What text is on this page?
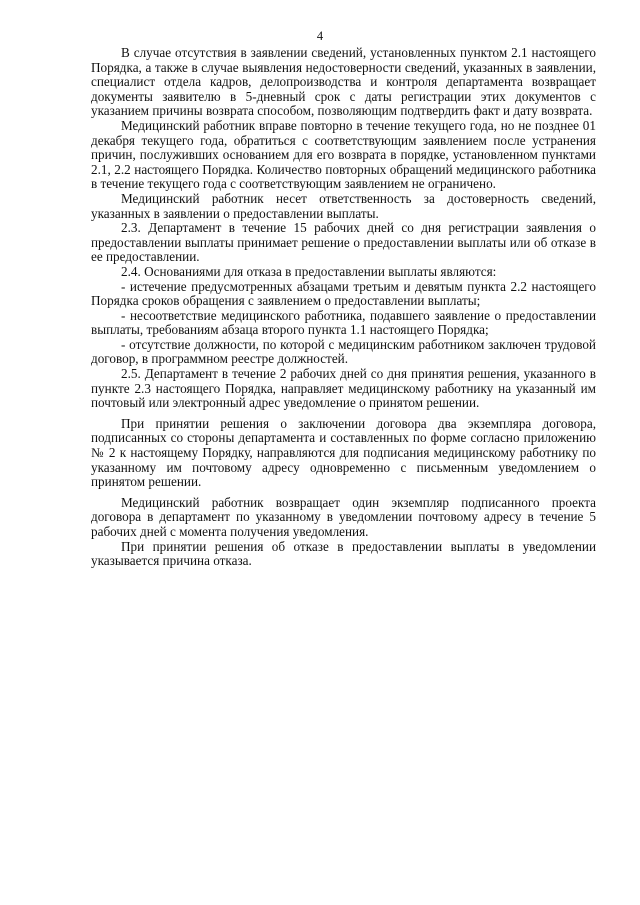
4

В случае отсутствия в заявлении сведений, установленных пунктом 2.1 настоящего Порядка, а также в случае выявления недостоверности сведений, указанных в заявлении, специалист отдела кадров, делопроизводства и контроля департамента возвращает документы заявителю в 5-дневный срок с даты регистрации этих документов с указанием причины возврата способом, позволяющим подтвердить факт и дату возврата.

Медицинский работник вправе повторно в течение текущего года, но не позднее 01 декабря текущего года, обратиться с соответствующим заявлением после устранения причин, послуживших основанием для его возврата в порядке, установленном пунктами 2.1, 2.2 настоящего Порядка. Количество повторных обращений медицинского работника в течение текущего года с соответствующим заявлением не ограничено.

Медицинский работник несет ответственность за достоверность сведений, указанных в заявлении о предоставлении выплаты.

2.3. Департамент в течение 15 рабочих дней со дня регистрации заявления о предоставлении выплаты принимает решение о предоставлении выплаты или об отказе в ее предоставлении.

2.4. Основаниями для отказа в предоставлении выплаты являются:

- истечение предусмотренных абзацами третьим и девятым пункта 2.2 настоящего Порядка сроков обращения с заявлением о предоставлении выплаты;

- несоответствие медицинского работника, подавшего заявление о предоставлении выплаты, требованиям абзаца второго пункта 1.1 настоящего Порядка;

- отсутствие должности, по которой с медицинским работником заключен трудовой договор, в программном реестре должностей.

2.5. Департамент в течение 2 рабочих дней со дня принятия решения, указанного в пункте 2.3 настоящего Порядка, направляет медицинскому работнику на указанный им почтовый или электронный адрес уведомление о принятом решении.

При принятии решения о заключении договора два экземпляра договора, подписанных со стороны департамента и составленных по форме согласно приложению № 2 к настоящему Порядку, направляются для подписания медицинскому работнику по указанному им почтовому адресу одновременно с письменным уведомлением о принятом решении.

Медицинский работник возвращает один экземпляр подписанного проекта договора в департамент по указанному в уведомлении почтовому адресу в течение 5 рабочих дней с момента получения уведомления.

При принятии решения об отказе в предоставлении выплаты в уведомлении указывается причина отказа.
